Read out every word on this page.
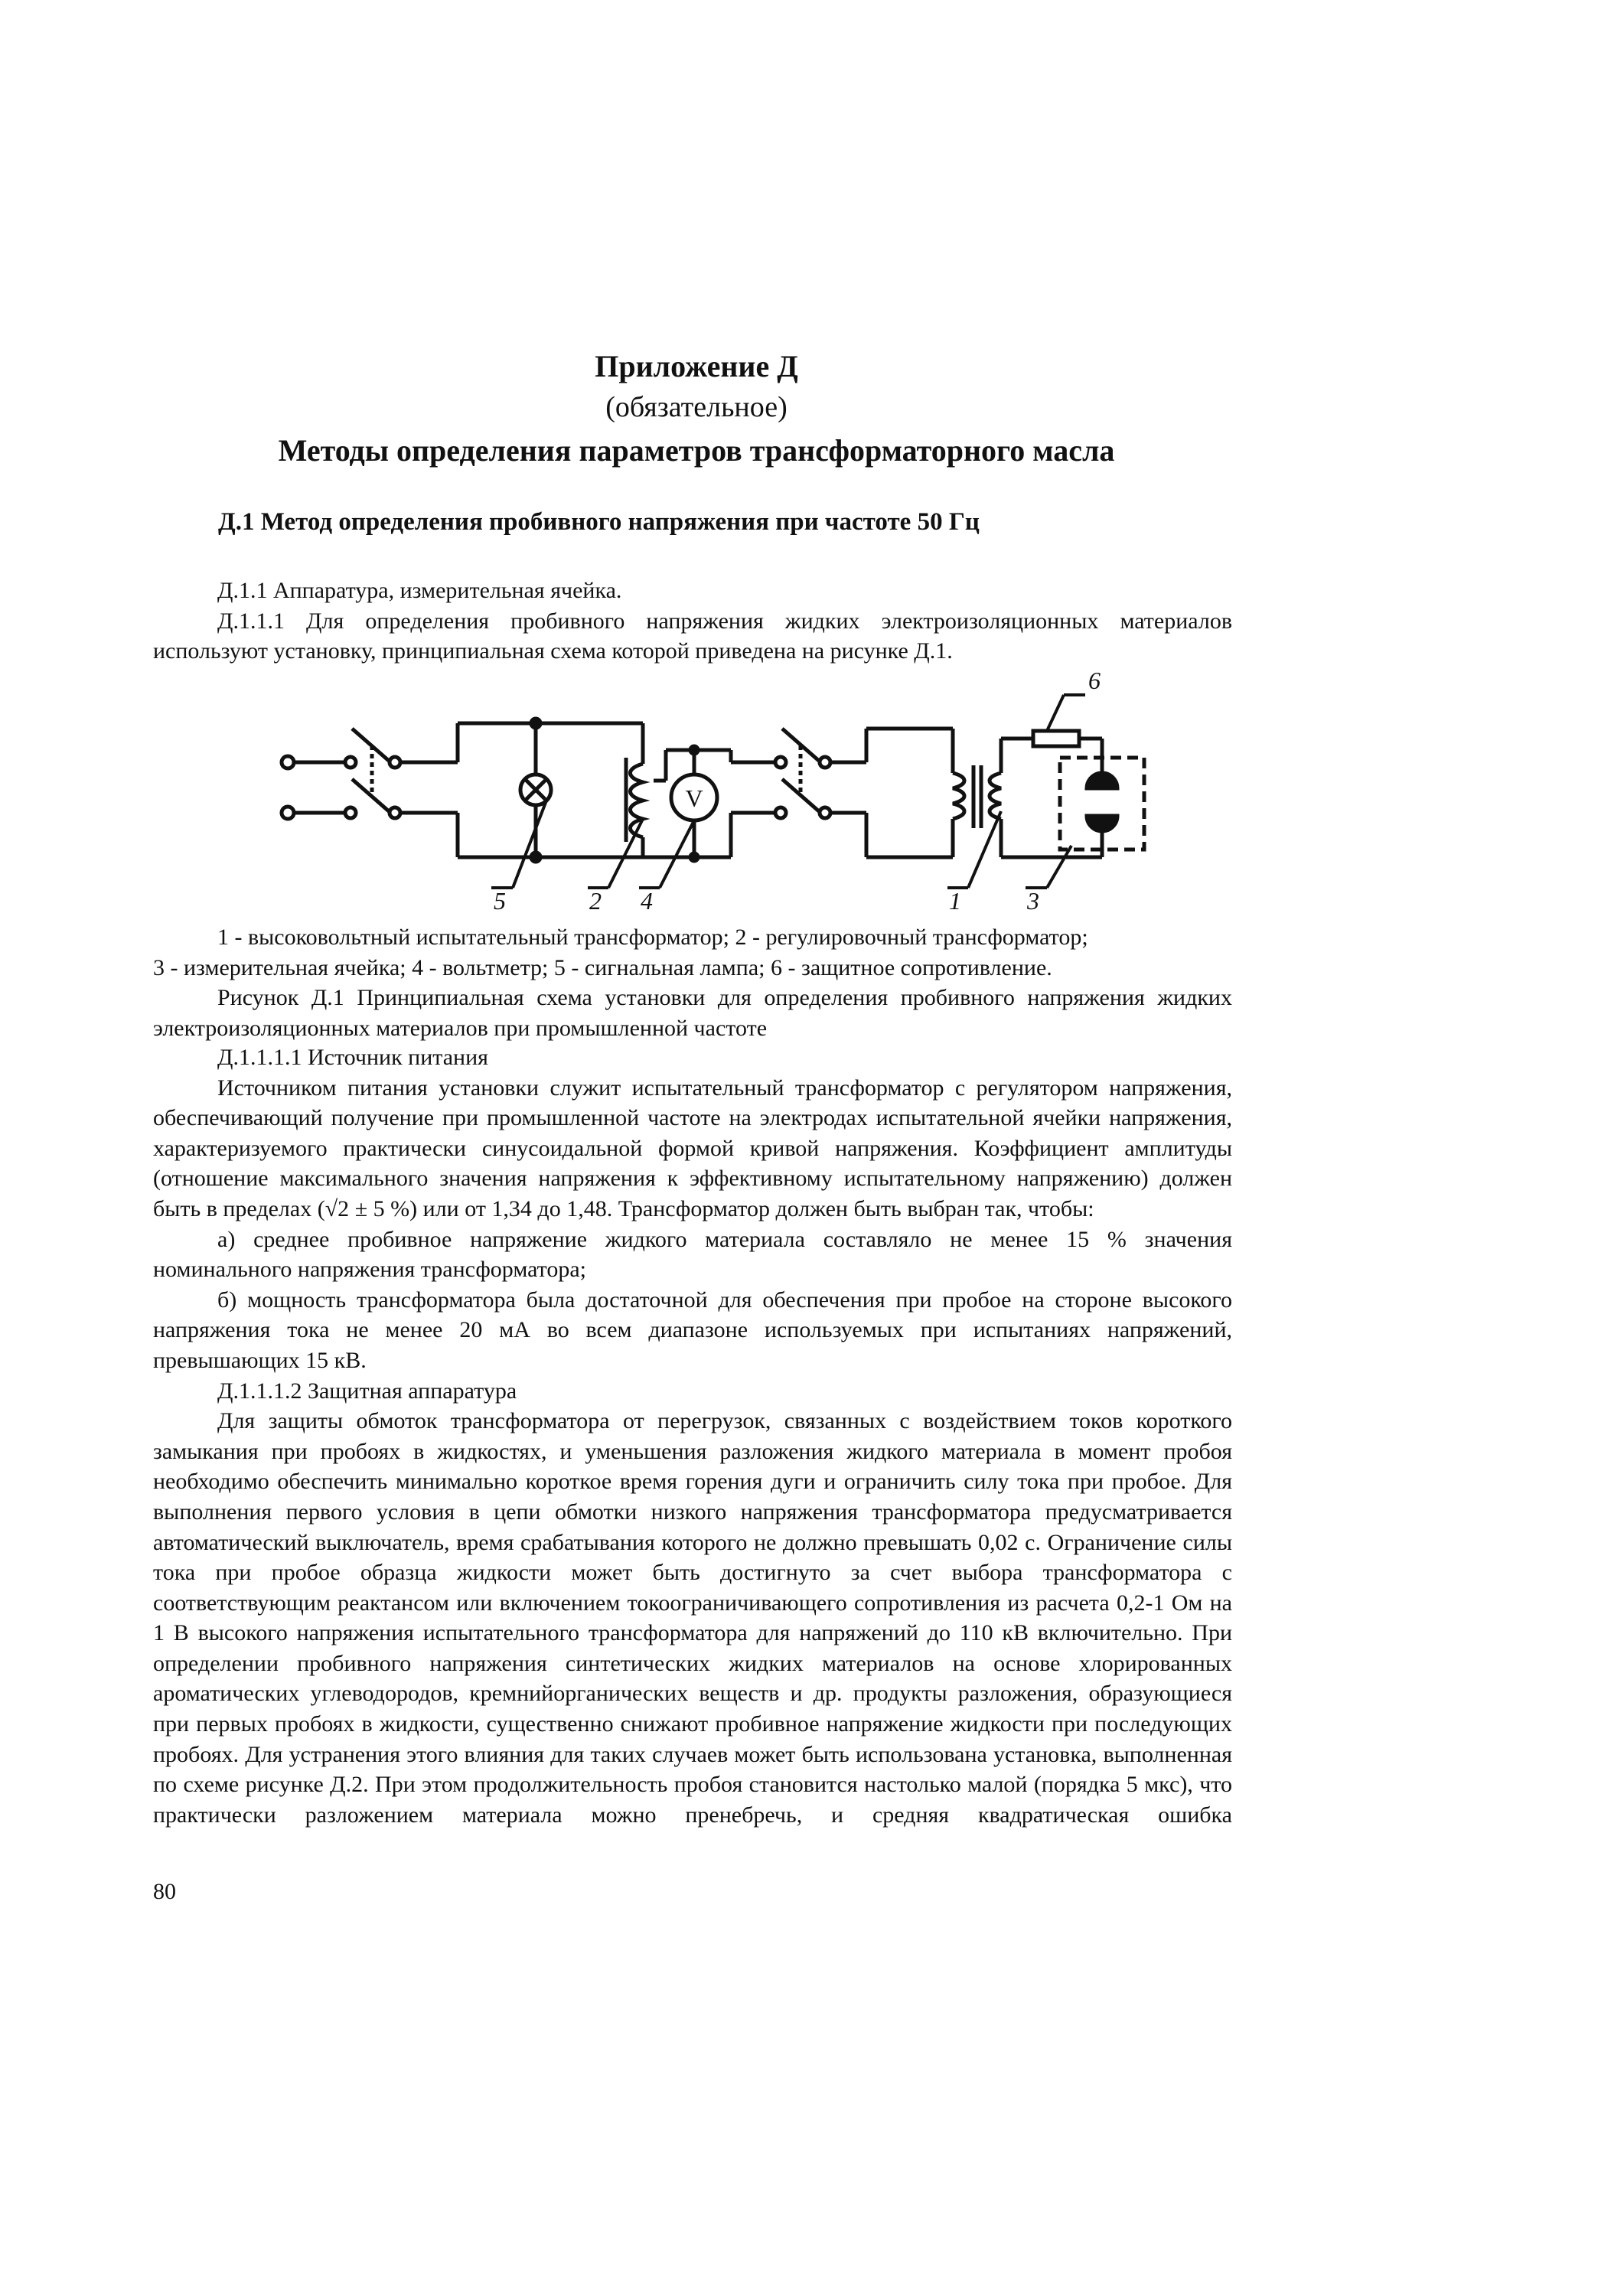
Приложение Д
(обязательное)
Методы определения параметров трансформаторного масла
Д.1 Метод определения пробивного напряжения при частоте 50 Гц

Д.1.1 Аппаратура, измерительная ячейка.

Д.1.1.1 Для определения пробивного напряжения жидких электроизоляционных материалов используют установку, принципиальная схема которой приведена на рисунке Д.1.

V
5	2 4	1	3
6

1 - высоковольтный испытательный трансформатор; 2 - регулировочный трансформатор;

3 - измерительная ячейка; 4 - вольтметр; 5 - сигнальная лампа; 6 - защитное сопротивление.

Рисунок Д.1 Принципиальная схема установки для определения пробивного напряжения жидких электроизоляционных материалов при промышленной частоте

Д.1.1.1.1 Источник питания

Источником питания установки служит испытательный трансформатор с регулятором напряжения, обеспечивающий получение при промышленной частоте на электродах испытательной ячейки напряжения, характеризуемого практически синусоидальной формой кривой напряжения. Коэффициент амплитуды (отношение максимального значения напряжения к эффективному испытательному напряжению) должен быть в пределах (√2 ± 5 %) или от 1,34 до 1,48. Трансформатор должен быть выбран так, чтобы:

а) среднее пробивное напряжение жидкого материала составляло не менее 15 % значения номинального напряжения трансформатора;

б) мощность трансформатора была достаточной для обеспечения при пробое на стороне высокого напряжения тока не менее 20 мА во всем диапазоне используемых при испытаниях напряжений, превышающих 15 кВ.

Д.1.1.1.2 Защитная аппаратура

Для защиты обмоток трансформатора от перегрузок, связанных с воздействием токов короткого замыкания при пробоях в жидкостях, и уменьшения разложения жидкого материала в момент пробоя необходимо обеспечить минимально короткое время горения дуги и ограничить силу тока при пробое. Для выполнения первого условия в цепи обмотки низкого напряжения трансформатора предусматривается автоматический выключатель, время срабатывания которого не должно превышать 0,02 с. Ограничение силы тока при пробое образца жидкости может быть достигнуто за счет выбора трансформатора с соответствующим реактансом или включением токоограничивающего сопротивления из расчета 0,2-1 Ом на 1 В высокого напряжения испытательного трансформатора для напряжений до 110 кВ включительно. При определении пробивного напряжения синтетических жидких материалов на основе хлорированных ароматических углеводородов, кремнийорганических веществ и др. продукты разложения, образующиеся при первых пробоях в жидкости, существенно снижают пробивное напряжение жидкости при последующих пробоях. Для устранения этого влияния для таких случаев может быть использована установка, выполненная по схеме рисунке Д.2. При этом продолжительность пробоя становится настолько малой (порядка 5 мкс), что практически разложением материала можно пренебречь, и средняя квадратическая ошибка

80
